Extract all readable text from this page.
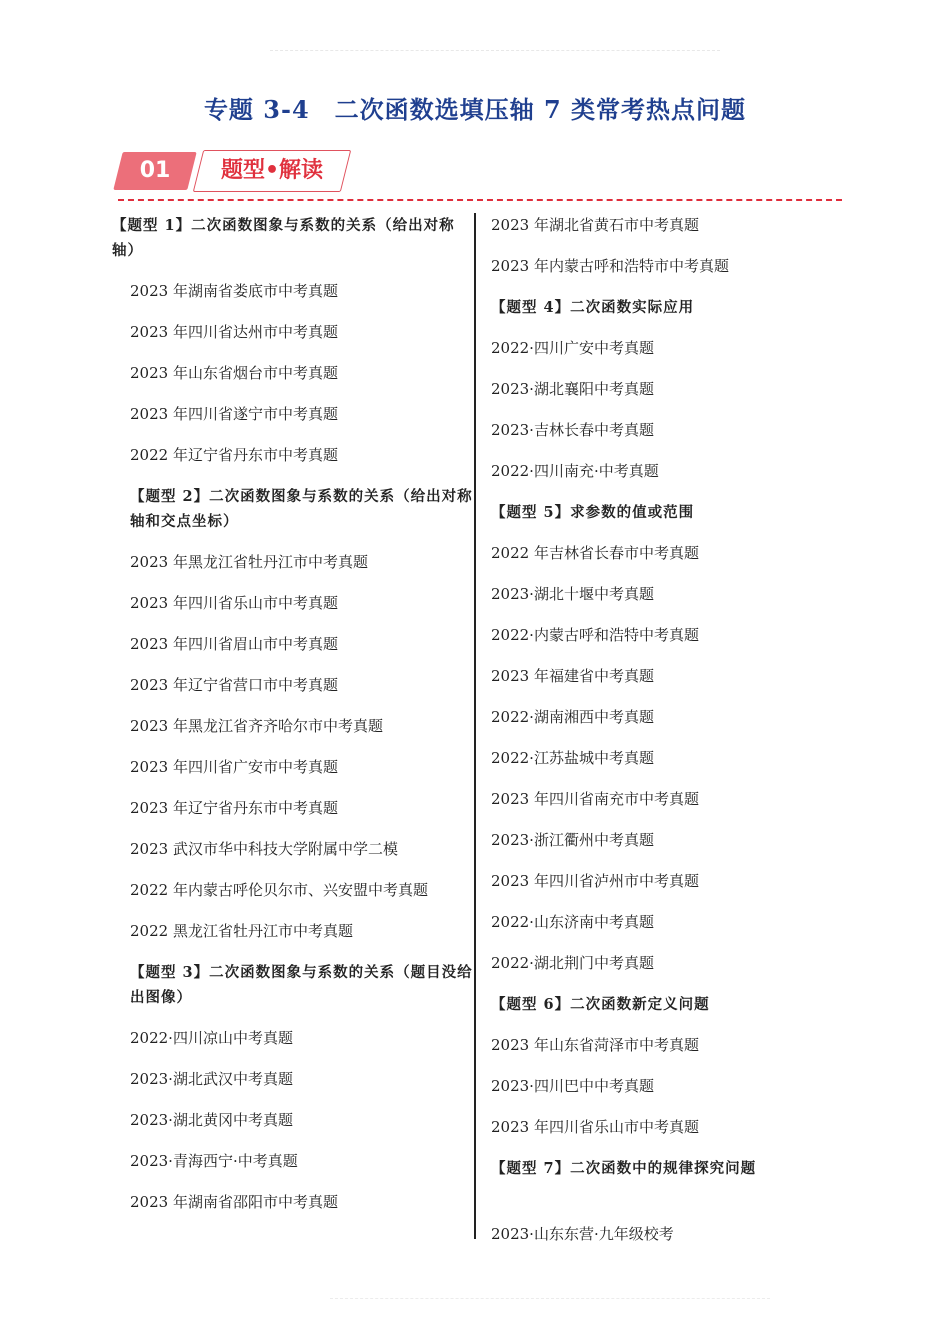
专题 3-4　二次函数选填压轴 7 类常考热点问题
01	题型•解读
【题型 1】二次函数图象与系数的关系（给出对称轴）
2023 年湖南省娄底市中考真题
2023 年四川省达州市中考真题
2023 年山东省烟台市中考真题
2023 年四川省遂宁市中考真题
2022 年辽宁省丹东市中考真题
【题型 2】二次函数图象与系数的关系（给出对称轴和交点坐标）
2023 年黑龙江省牡丹江市中考真题
2023 年四川省乐山市中考真题
2023 年四川省眉山市中考真题
2023 年辽宁省营口市中考真题
2023 年黑龙江省齐齐哈尔市中考真题
2023 年四川省广安市中考真题
2023 年辽宁省丹东市中考真题
2023 武汉市华中科技大学附属中学二模
2022 年内蒙古呼伦贝尔市、兴安盟中考真题
2022 黑龙江省牡丹江市中考真题
【题型 3】二次函数图象与系数的关系（题目没给出图像）
2022·四川凉山中考真题
2023·湖北武汉中考真题
2023·湖北黄冈中考真题
2023·青海西宁·中考真题
2023 年湖南省邵阳市中考真题
2023 年湖北省黄石市中考真题
2023 年内蒙古呼和浩特市中考真题
【题型 4】二次函数实际应用
2022·四川广安中考真题
2023·湖北襄阳中考真题
2023·吉林长春中考真题
2022·四川南充·中考真题
【题型 5】求参数的值或范围
2022 年吉林省长春市中考真题
2023·湖北十堰中考真题
2022·内蒙古呼和浩特中考真题
2023 年福建省中考真题
2022·湖南湘西中考真题
2022·江苏盐城中考真题
2023 年四川省南充市中考真题
2023·浙江衢州中考真题
2023 年四川省泸州市中考真题
2022·山东济南中考真题
2022·湖北荆门中考真题
【题型 6】二次函数新定义问题
2023 年山东省菏泽市中考真题
2023·四川巴中中考真题
2023 年四川省乐山市中考真题
【题型 7】二次函数中的规律探究问题
2023·山东东营·九年级校考
